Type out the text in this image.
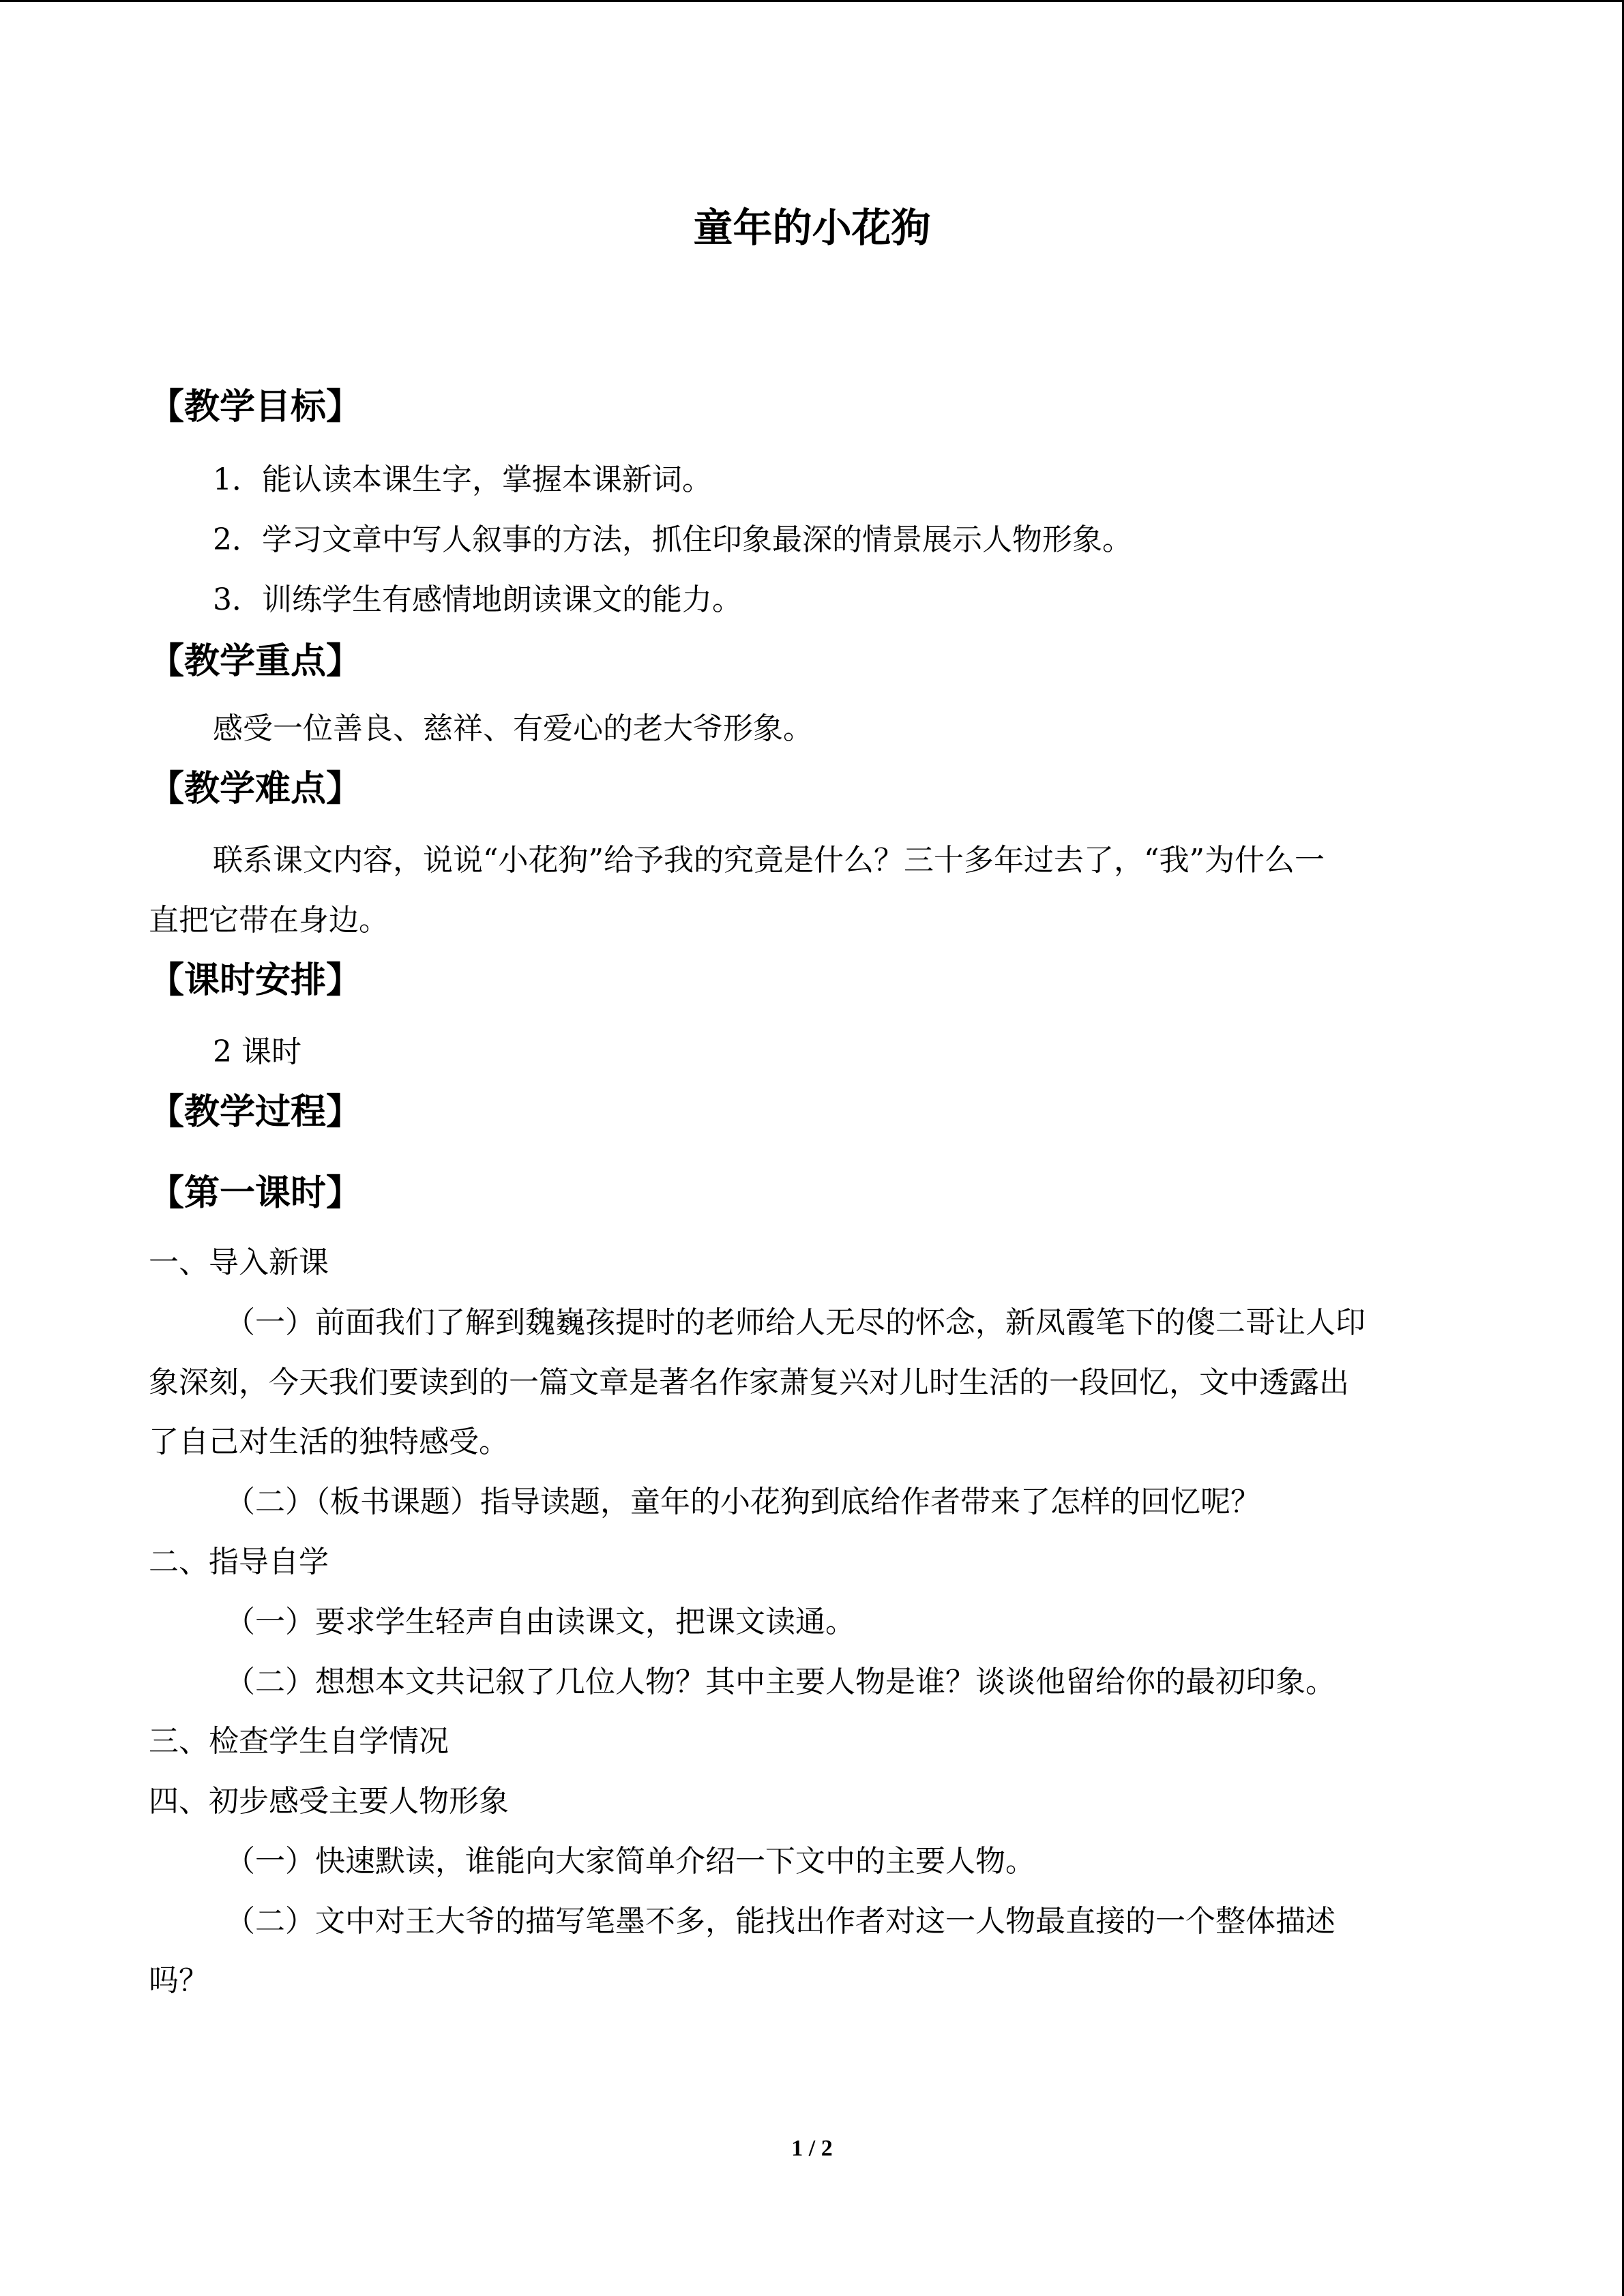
童年的小花狗
【教学目标】
1．能认读本课生字，掌握本课新词。
2．学习文章中写人叙事的方法，抓住印象最深的情景展示人物形象。
3．训练学生有感情地朗读课文的能力。
【教学重点】
感受一位善良、慈祥、有爱心的老大爷形象。
【教学难点】
联系课文内容，说说“小花狗”给予我的究竟是什么？三十多年过去了，“我”为什么一
直把它带在身边。
【课时安排】
2 课时
【教学过程】
【第一课时】
一、导入新课
（一）前面我们了解到魏巍孩提时的老师给人无尽的怀念，新凤霞笔下的傻二哥让人印
象深刻，今天我们要读到的一篇文章是著名作家萧复兴对儿时生活的一段回忆，文中透露出
了自己对生活的独特感受。
（二）（板书课题）指导读题，童年的小花狗到底给作者带来了怎样的回忆呢？
二、指导自学
（一）要求学生轻声自由读课文，把课文读通。
（二）想想本文共记叙了几位人物？其中主要人物是谁？谈谈他留给你的最初印象。
三、检查学生自学情况
四、初步感受主要人物形象
（一）快速默读，谁能向大家简单介绍一下文中的主要人物。
（二）文中对王大爷的描写笔墨不多，能找出作者对这一人物最直接的一个整体描述
吗？
1 / 2
